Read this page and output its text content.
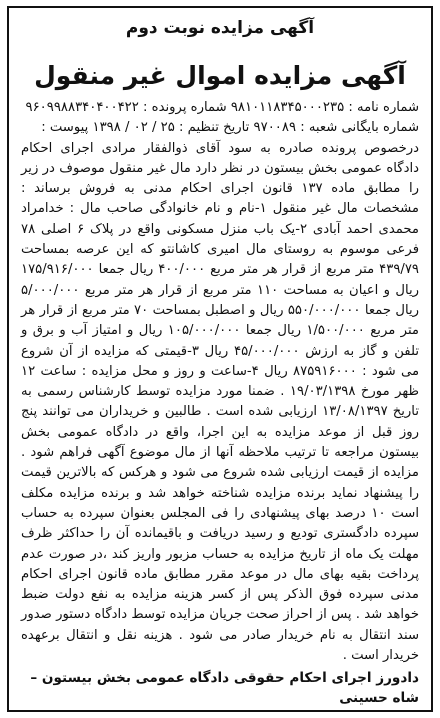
آگهی مزایده نوبت دوم
آگهی مزایده اموال غیر منقول

شماره نامه : ۹۸۱۰۱۱۸۳۴۵۰۰۰۲۳۵ شماره پرونده : ۹۶۰۹۹۸۸۳۴۰۴۰۰۴۲۲

شماره بایگانی شعبه : ۹۷۰۰۸۹ تاریخ تنظیم : ۲۵ / ۰۲ / ۱۳۹۸ پیوست :

درخصوص پرونده صادره به سود آقای ذوالفقار مرادی اجرای احکام دادگاه عمومی بخش بیستون در نظر دارد مال غیر منقول موصوف در زیر را مطابق ماده ۱۳۷ قانون اجرای احکام مدنی به فروش برساند : مشخصات مال غیر منقول ۱-نام و نام خانوادگی صاحب مال : خدامراد محمدی احمد آبادی ۲-یک باب منزل مسکونی واقع در پلاک ۶ اصلی ۷۸ فرعی موسوم به روستای مال امیری کاشانتو که این عرصه بمساحت ۴۳۹/۷۹ متر مربع از قرار هر متر مربع ۴۰۰/۰۰۰ ریال جمعا ۱۷۵/۹۱۶/۰۰۰ ریال و اعیان به مساحت ۱۱۰ متر مربع از قرار هر متر مربع ۵/۰۰۰/۰۰۰ ریال جمعا ۵۵۰/۰۰۰/۰۰۰ ریال و اصطبل بمساحت ۷۰ متر مربع از قرار هر متر مربع ۱/۵۰۰/۰۰۰ ریال جمعا ۱۰۵/۰۰۰/۰۰۰ ریال و امتیاز آب و برق و تلفن و گاز به ارزش ۴۵/۰۰۰/۰۰۰ ریال ۳-قیمتی که مزایده از آن شروع می شود : ۸۷۵۹۱۶۰۰۰ ریال ۴-ساعت و روز و محل مزایده : ساعت ۱۲ ظهر مورخ ۱۹/۰۳/۱۳۹۸ . ضمنا مورد مزایده توسط کارشناس رسمی به تاریخ ۱۳/۰۸/۱۳۹۷ ارزیابی شده است . طالبین و خریداران می توانند پنج روز قبل از موعد مزایده به این اجرا، واقع در دادگاه عمومی بخش بیستون مراجعه تا ترتیب ملاحظه آنها از مال موضوع آگهی فراهم شود . مزایده از قیمت ارزیابی شده شروع می شود و هرکس که بالاترین قیمت را پیشنهاد نماید برنده مزایده شناخته خواهد شد و برنده مزایده مکلف است ۱۰ درصد بهای پیشنهادی را فی المجلس بعنوان سپرده به حساب سپرده دادگستری تودیع و رسید دریافت و باقیمانده آن را حداکثر ظرف مهلت یک ماه از تاریخ مزایده به حساب مزبور واریز کند ،در صورت عدم پرداخت بقیه بهای مال در موعد مقرر مطابق ماده قانون اجرای احکام مدنی سپرده فوق الذکر پس از کسر هزینه مزایده به نفع دولت ضبط خواهد شد . پس از احراز صحت جریان مزایده توسط دادگاه دستور صدور سند انتقال به نام خریدار صادر می شود . هزینه نقل و انتقال برعهده خریدار است .

دادورز اجرای احکام حقوقی دادگاه عمومی بخش بیستون – شاه حسینی
